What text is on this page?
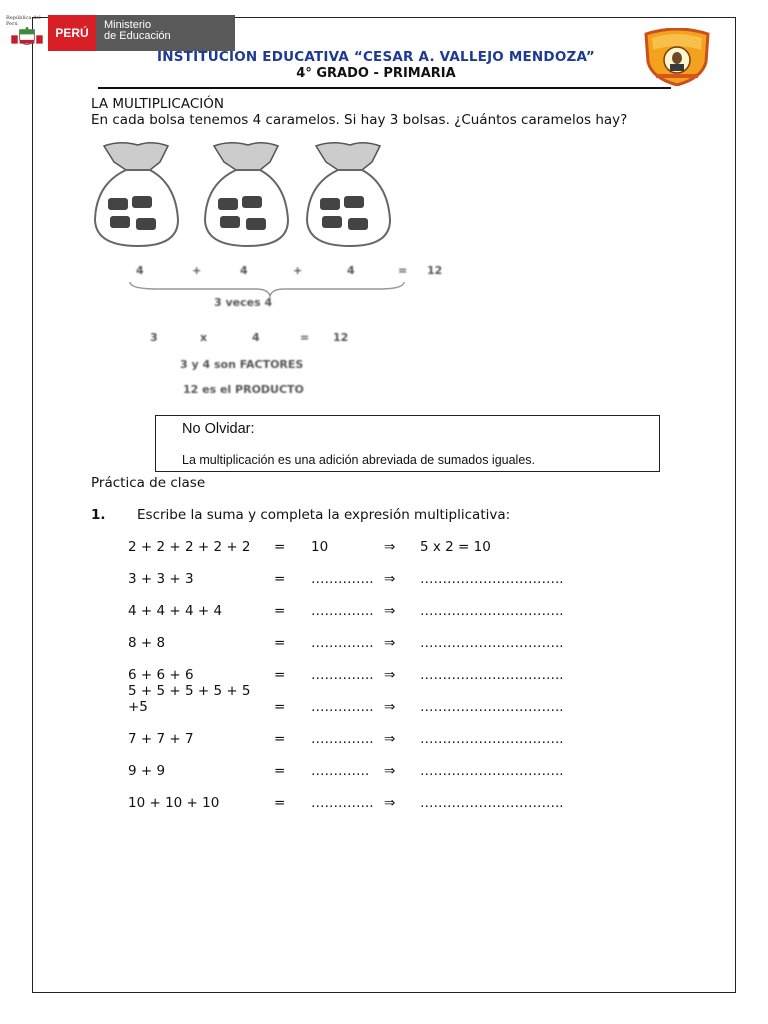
República del Perú
PERÚ
Ministerio
de Educación
INSTITUCION EDUCATIVA “CESAR A. VALLEJO MENDOZA”
4° GRADO - PRIMARIA
LA MULTIPLICACIÓN
En cada bolsa tenemos 4 caramelos. Si hay 3 bolsas. ¿Cuántos caramelos hay?
4	+	4	+	4	= 12
3 veces 4
3	x	4	= 12
3 y 4 son FACTORES
12 es el PRODUCTO
No Olvidar:
La multiplicación es una adición abreviada de sumados iguales.
Práctica de clase
1. Escribe la suma y completa la expresión multiplicativa:
2 + 2 + 2 + 2 + 2 = 10	⇒ 5 x 2 = 10
3 + 3 + 3	= ………….. ⇒ …………………………..
4 + 4 + 4 + 4	= ………….. ⇒ …………………………..
8 + 8	= ………….. ⇒ …………………………..
6 + 6 + 6	= ………….. ⇒ …………………………..
5 + 5 + 5 + 5 + 5
+5	= ………….. ⇒ …………………………..
7 + 7 + 7	= ………….. ⇒ …………………………..
9 + 9	= …………. ⇒ …………………………..
10 + 10 + 10	= ………….. ⇒ …………………………..
